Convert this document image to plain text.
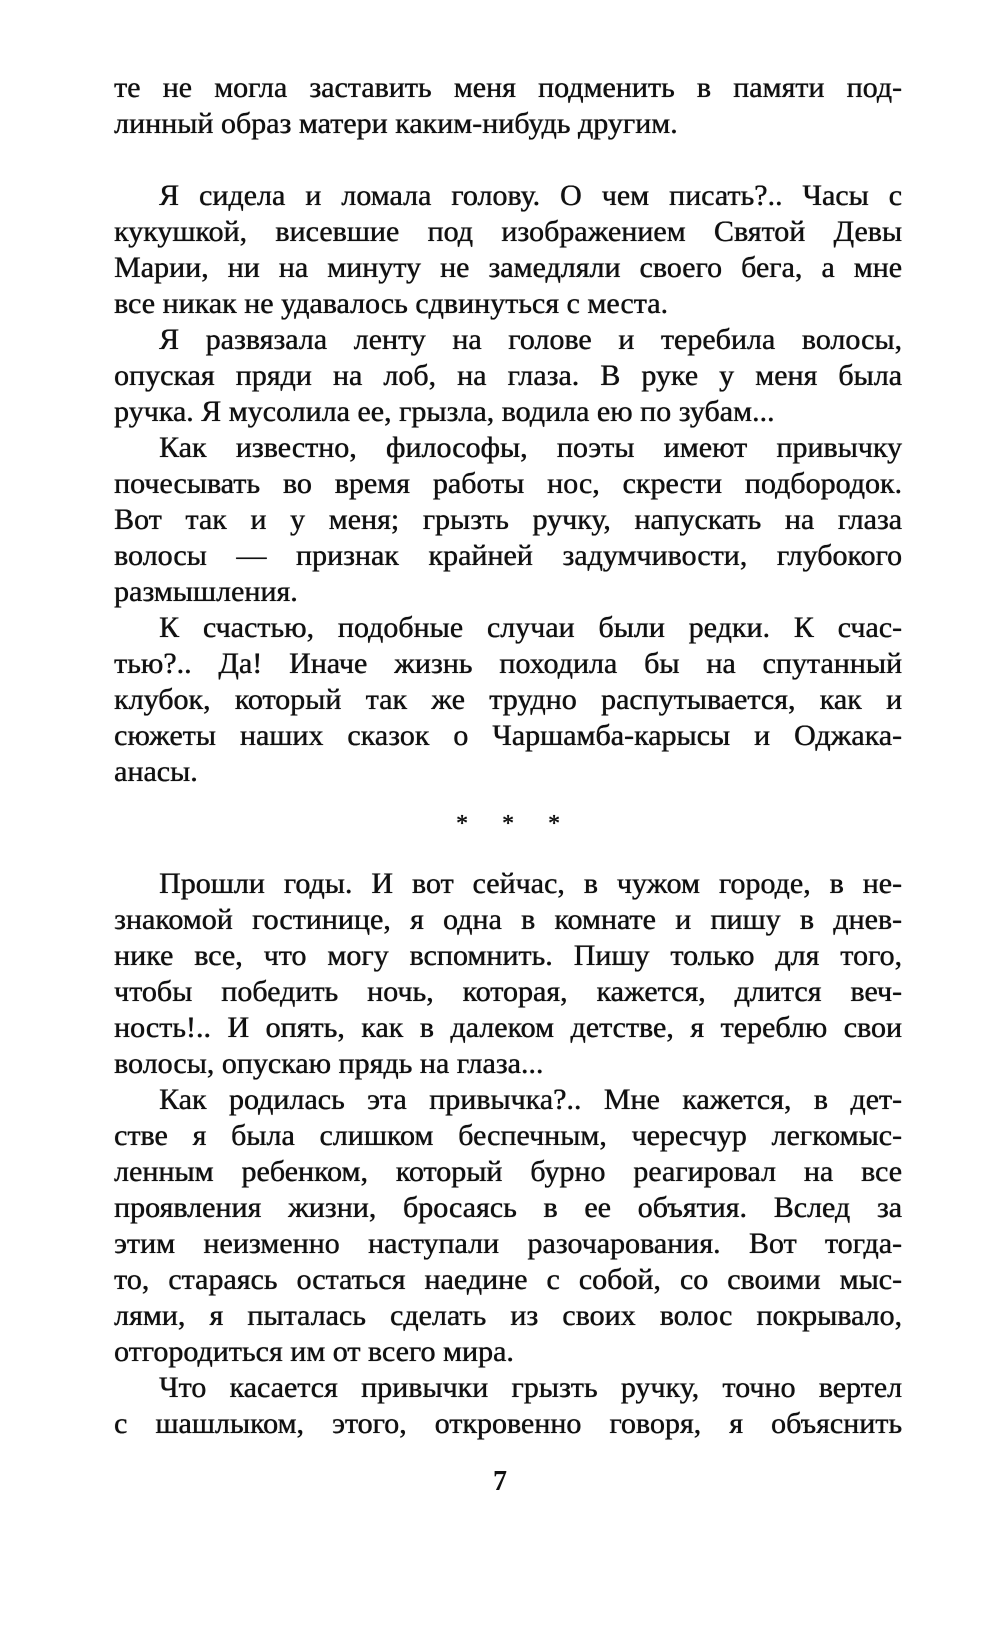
те не могла заставить меня подменить в памяти под-
линный образ матери каким-нибудь другим.
Я сидела и ломала голову. О чем писать?.. Часы с
кукушкой, висевшие под изображением Святой Девы
Марии, ни на минуту не замедляли своего бега, а мне
все никак не удавалось сдвинуться с места.
Я развязала ленту на голове и теребила волосы,
опуская пряди на лоб, на глаза. В руке у меня была
ручка. Я мусолила ее, грызла, водила ею по зубам...
Как известно, философы, поэты имеют привычку
почесывать во время работы нос, скрести подбородок.
Вот так и у меня; грызть ручку, напускать на глаза
волосы — признак крайней задумчивости, глубокого
размышления.
К счастью, подобные случаи были редки. К счас-
тью?.. Да! Иначе жизнь походила бы на спутанный
клубок, который так же трудно распутывается, как и
сюжеты наших сказок о Чаршамба-карысы и Оджака-
анасы.
* * *
Прошли годы. И вот сейчас, в чужом городе, в не-
знакомой гостинице, я одна в комнате и пишу в днев-
нике все, что могу вспомнить. Пишу только для того,
чтобы победить ночь, которая, кажется, длится веч-
ность!.. И опять, как в далеком детстве, я тереблю свои
волосы, опускаю прядь на глаза...
Как родилась эта привычка?.. Мне кажется, в дет-
стве я была слишком беспечным, чересчур легкомыс-
ленным ребенком, который бурно реагировал на все
проявления жизни, бросаясь в ее объятия. Вслед за
этим неизменно наступали разочарования. Вот тогда-
то, стараясь остаться наедине с собой, со своими мыс-
лями, я пыталась сделать из своих волос покрывало,
отгородиться им от всего мира.
Что касается привычки грызть ручку, точно вертел
с шашлыком, этого, откровенно говоря, я объяснить
7
